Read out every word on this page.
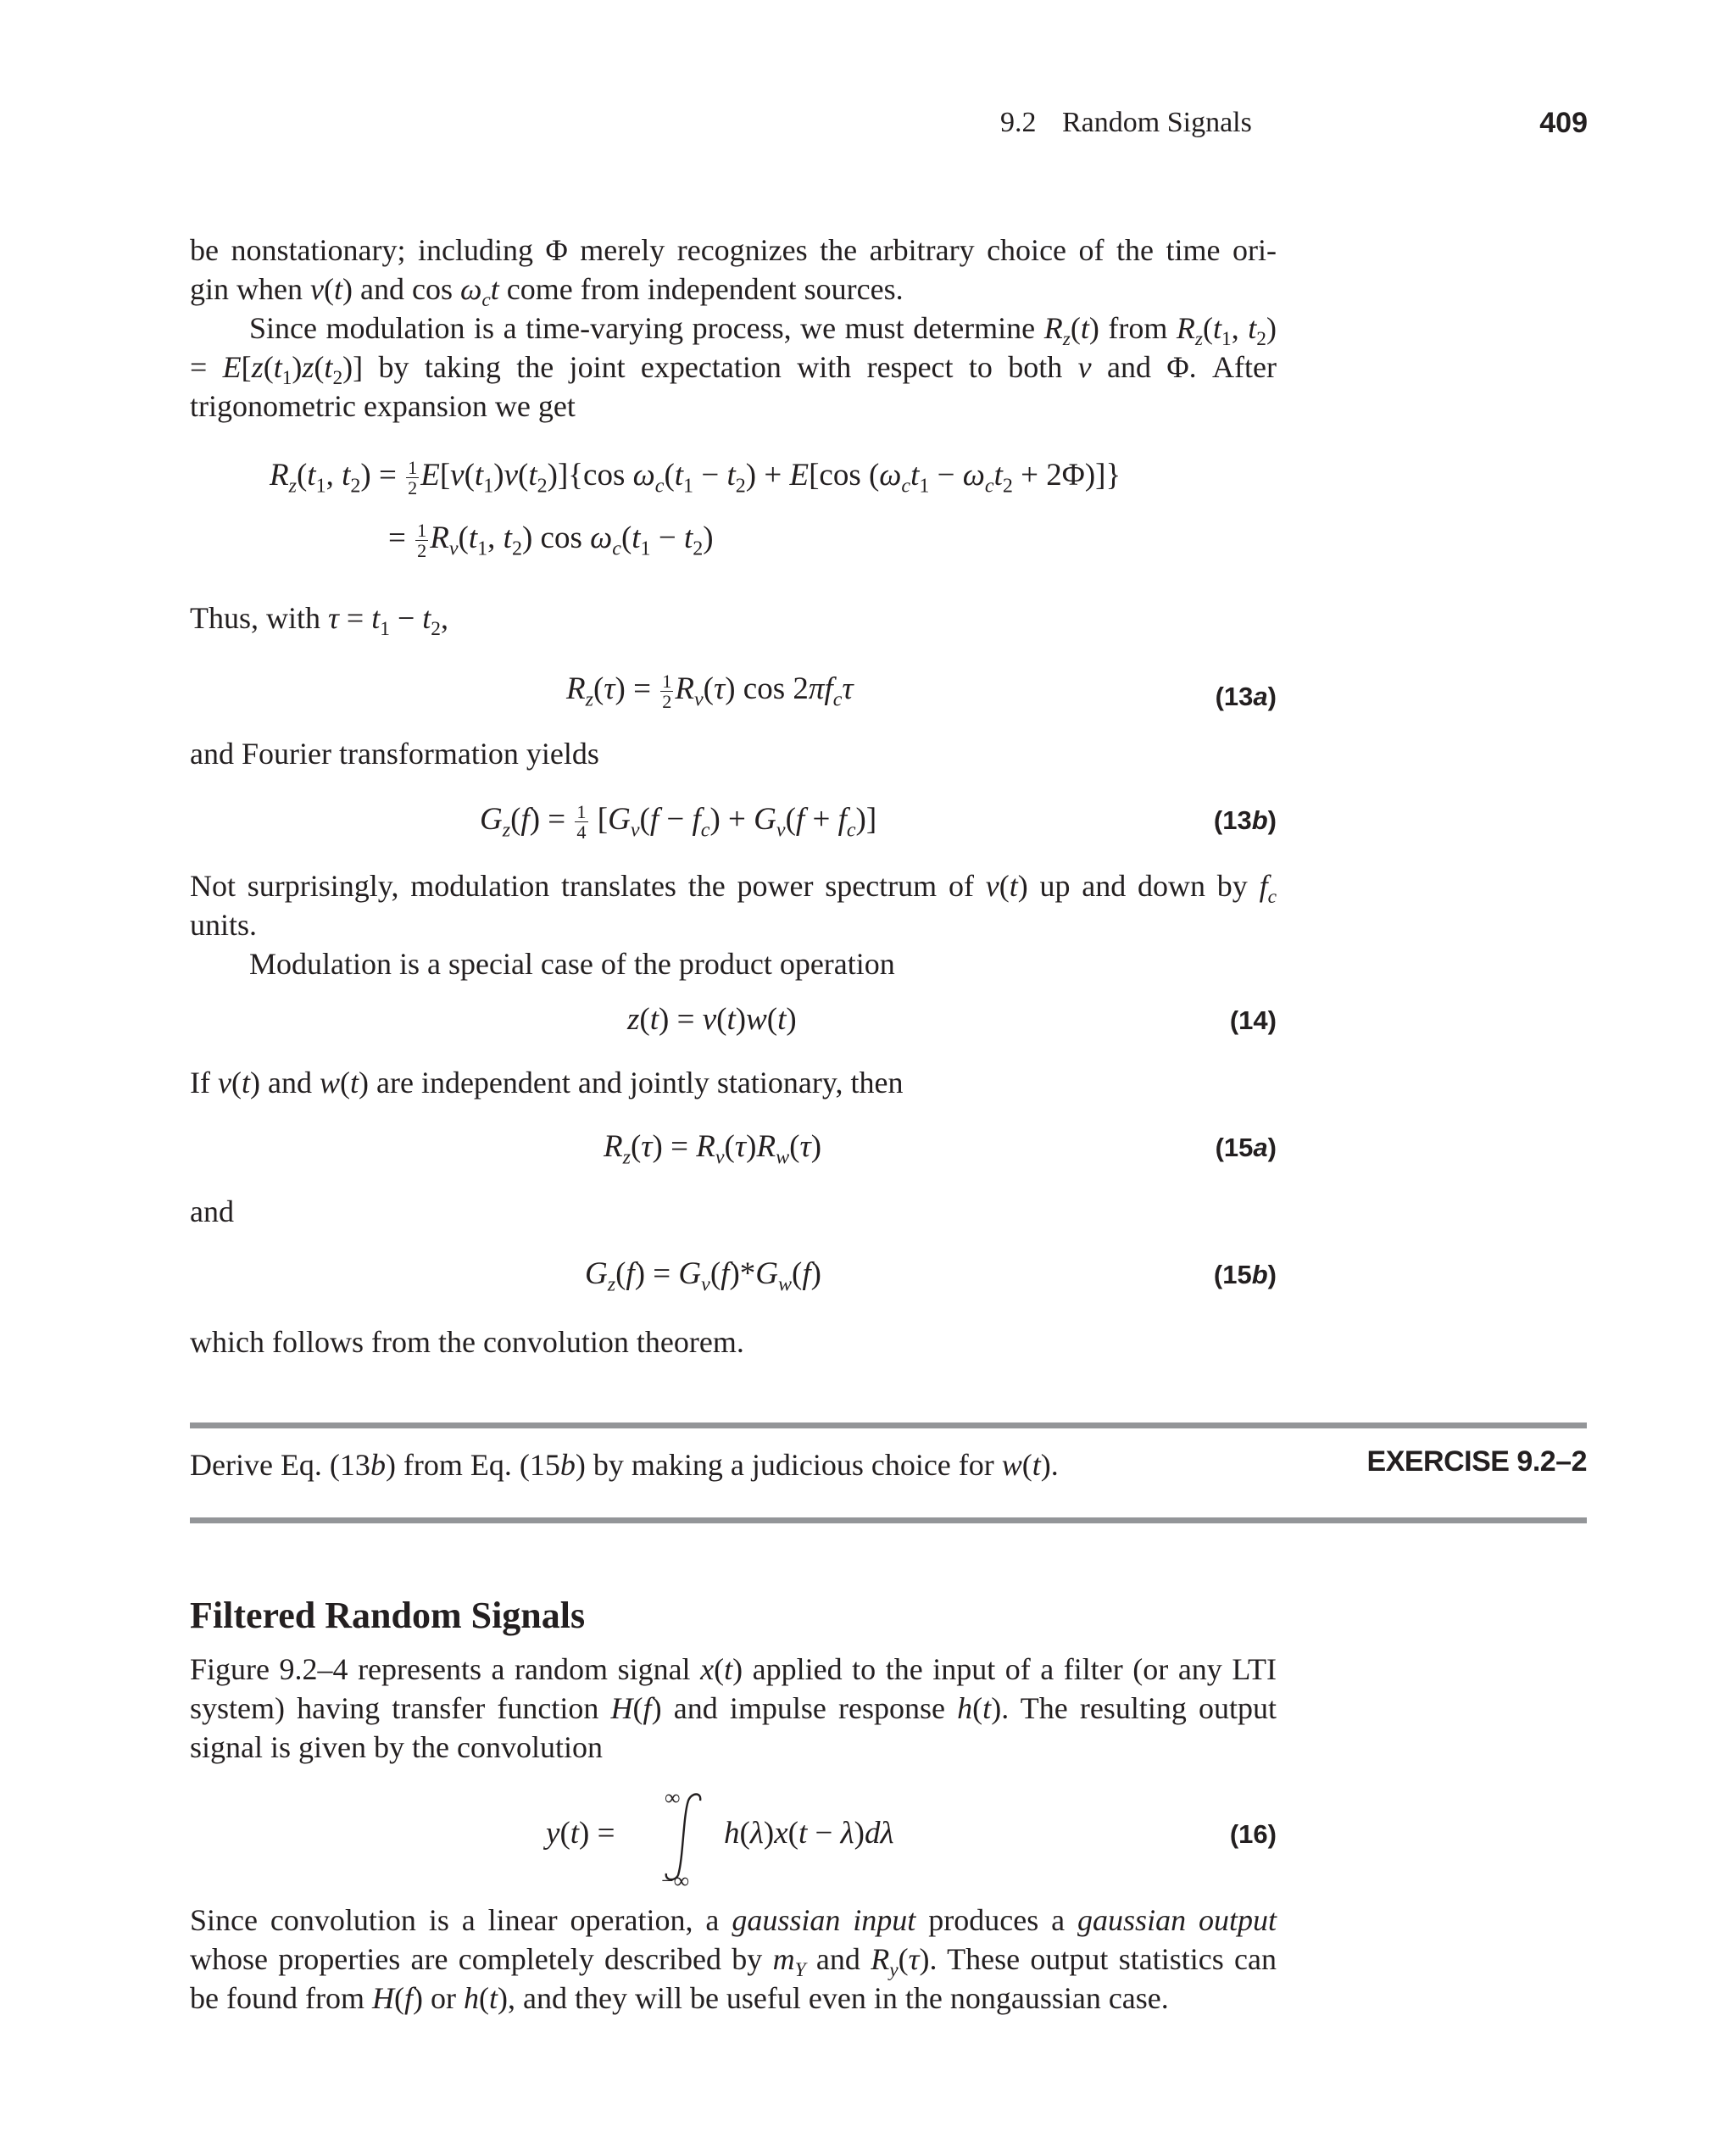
9.2 Random Signals	409

be nonstationary; including Φ merely recognizes the arbitrary choice of the time ori-
gin when v(t) and $\cos \omega_ct$ come from independent sources.

Since modulation is a time-varying process, we must determine $R_z(t)$ from $R_z(t_1$, $t_2) = E[z(t_1)z(t_2)]$ by taking the joint expectation with respect to both v and Φ. After trigonometric expansion we get

$R_z(t_1$, $t_2) = \frac{1}{2} E[v(t_1)v(t_2)]\{\cos$ $\omega_c(t_1 - t_2) + E[\cos$ $(\omega_ct_1 - \omega_ct_2 + 2\Phi)$]}
= $\frac{1}{2} R_v(t_1$, $t_2$) $\cos \omega_c(t_1 - t_2)$

Thus, with $\tau = t_1 - t_2$,

$R_z(\tau) = \frac{1}{2} R_v(\tau)$ $\cos 2\pi f_c\tau$	(13a)

and Fourier transformation yields

$G_z(f) = \frac{1}{4} [G_v(f - f_c) + G_v(f + f_c)]$	(13b)

Not surprisingly, modulation translates the power spectrum of v(t) up and down by $f_c$ units.

Modulation is a special case of the product operation

z(t) = v(t)w(t)	(14)

If v(t) and w(t) are independent and jointly stationary, then

$R_z(\tau) = R_v(\tau)R_w(\tau)$	(15a)

and

$G_z(f) = G_v(f)*G_w(f)$	(15b)

which follows from the convolution theorem.

Derive Eq. (13b) from Eq. (15b) by making a judicious choice for w(t).	EXERCISE 9.2–2
Filtered Random Signals

Figure 9.2–4 represents a random signal x(t) applied to the input of a filter (or any LTI system) having transfer function H(f) and impulse response h(t). The resulting output signal is given by the convolution

y(t) =
∞
−∞
h(λ)x(t − λ)dλ	(16)

Since convolution is a linear operation, a gaussian input produces a gaussian output whose properties are completely described by $m_Y$ and $R_y(\tau)$. These output statistics can be found from H(f) or h(t), and they will be useful even in the nongaussian case.
